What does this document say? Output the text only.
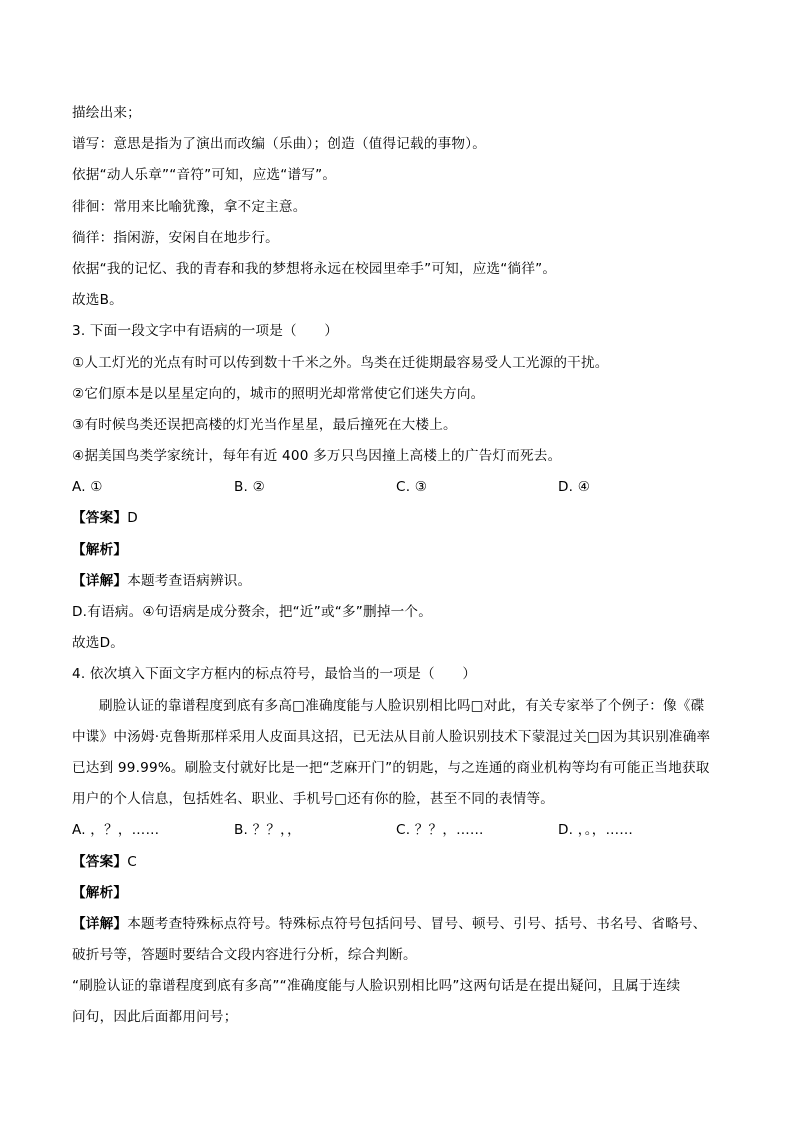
描绘出来；
谱写：意思是指为了演出而改编（乐曲）；创造（值得记载的事物）。
依据“动人乐章”“音符”可知，应选“谱写”。
徘徊：常用来比喻犹豫，拿不定主意。
徜徉：指闲游，安闲自在地步行。
依据“我的记忆、我的青春和我的梦想将永远在校园里牵手”可知，应选“徜徉”。
故选B。
3. 下面一段文字中有语病的一项是（　　）
①人工灯光的光点有时可以传到数十千米之外。鸟类在迁徙期最容易受人工光源的干扰。
②它们原本是以星星定向的，城市的照明光却常常使它们迷失方向。
③有时候鸟类还误把高楼的灯光当作星星，最后撞死在大楼上。
④据美国鸟类学家统计，每年有近 400 多万只鸟因撞上高楼上的广告灯而死去。
A. ①	B. ②	C. ③	D. ④
【答案】D
【解析】
【详解】本题考查语病辨识。
D.有语病。④句语病是成分赘余，把“近”或“多”删掉一个。
故选D。
4. 依次填入下面文字方框内的标点符号，最恰当的一项是（　　）
刷脸认证的靠谱程度到底有多高□准确度能与人脸识别相比吗□对此，有关专家举了个例子：像《碟
中谍》中汤姆·克鲁斯那样采用人皮面具这招，已无法从目前人脸识别技术下蒙混过关□因为其识别准确率
已达到 99.99%。刷脸支付就好比是一把“芝麻开门”的钥匙，与之连通的商业机构等均有可能正当地获取
用户的个人信息，包括姓名、职业、手机号□还有你的脸，甚至不同的表情等。
A. ，？，……	B. ？？，，	C. ？？，……	D. ，。，……
【答案】C
【解析】
【详解】本题考查特殊标点符号。特殊标点符号包括问号、冒号、顿号、引号、括号、书名号、省略号、
破折号等，答题时要结合文段内容进行分析，综合判断。
“刷脸认证的靠谱程度到底有多高”“准确度能与人脸识别相比吗”这两句话是在提出疑问，且属于连续
问句，因此后面都用问号；
